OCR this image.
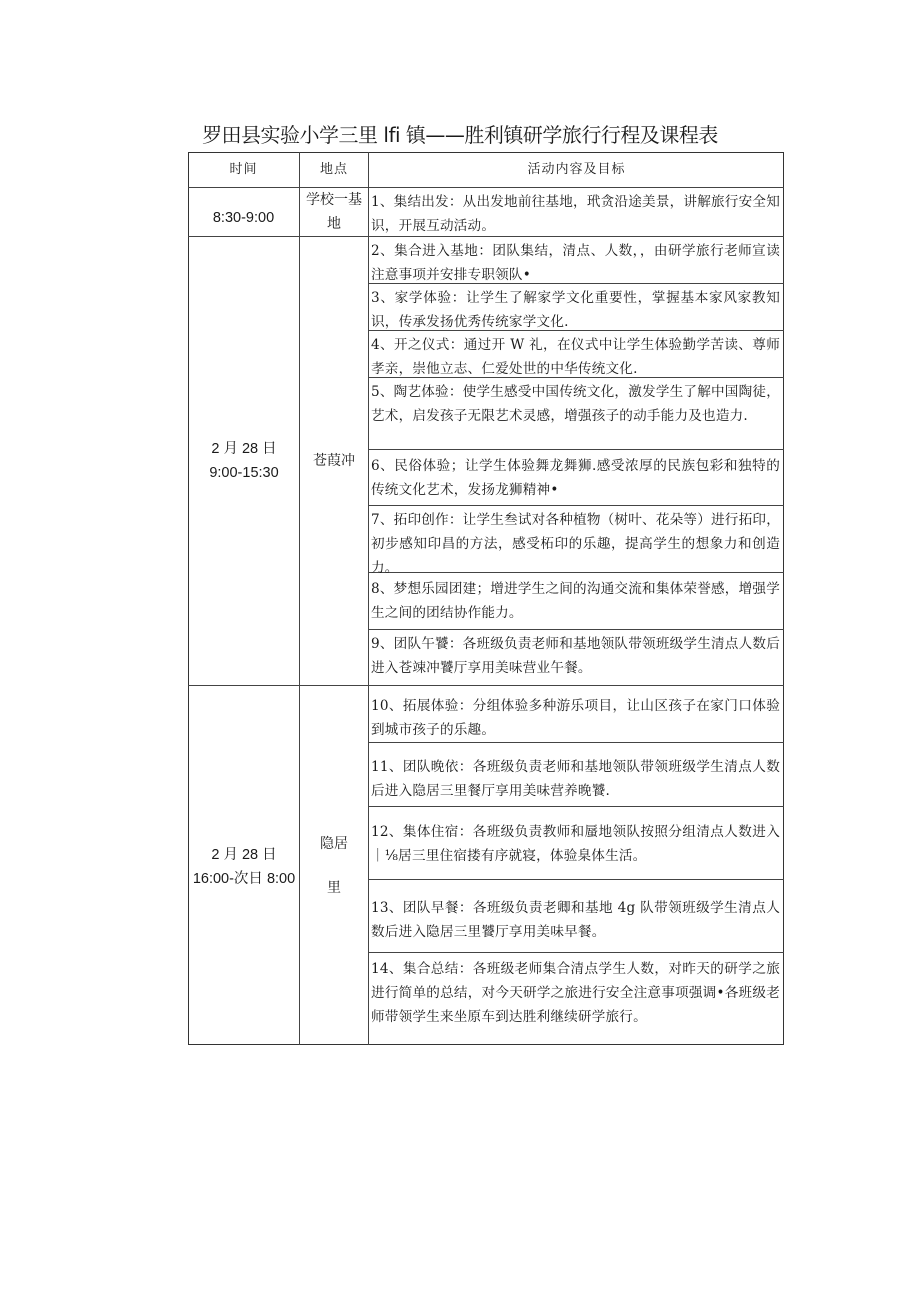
罗田县实验小学三里 lfi 镇——胜利镇研学旅行行程及课程表
时间	地点	活动内容及目标
8:30-9:00
学校一基地
1、集结出发：从出发地前往基地，玳贪沿途美景，讲解旅行安全知识，开展互动活动。
2 月 28 日 9:00-15:30
苍葭冲
2、集合进入基地：团队集结，清点、人数，，由研学旅行老师宣读注意事项并安排专职领队•
3、家学体验：让学生了解家学文化重要性，掌握基本家风家教知识，传承发扬优秀传统家学文化.
4、开之仪式：通过开 W 礼，在仪式中让学生体验勤学苦读、尊师孝亲，崇他立志、仁爱处世的中华传统文化.
5、陶艺体验：使学生感受中国传统文化，激发学生了解中国陶徒，艺术，启发孩子无限艺术灵感，增强孩子的动手能力及也造力.
6、民俗体验；让学生体验舞龙舞狮.感受浓厚的民族包彩和独特的传统文化艺术，发扬龙狮精神•
7、拓印创作：让学生叁试对各种植物（树叶、花朵等）进行拓印，初步感知印昌的方法，感受柘印的乐趣，提高学生的想象力和创造力。
8、梦想乐园团建；增进学生之间的沟通交流和集体荣誉感，增强学生之间的团结协作能力。
9、团队午饕：各班级负责老师和基地领队带领班级学生清点人数后进入苍竦冲饕厅享用美味营业午餐。
2 月 28 日
16:00-次日 8:00
隐居
里
10、拓展体验：分组体验多种游乐项目，让山区孩子在家门口体验到城市孩子的乐趣。
11、团队晚依：各班级负责老师和基地领队带领班级学生清点人数后进入隐居三里餐厅享用美味营养晚饕.
12、集体住宿：各班级负责教师和蜃地领队按照分组清点人数进入｜⅛居三里住宿搂有序就寝，体验臬体生活。
13、团队早餐：各班级负责老卿和基地 4g 队带领班级学生清点人数后进入隐居三里饕厅享用美味早餐。
14、集合总结：各班级老师集合清点学生人数，对昨天的研学之旅进行简单的总结，对今天研学之旅进行安全注意事项强调•各班级老师带领学生来坐原车到达胜利继续研学旅行。
